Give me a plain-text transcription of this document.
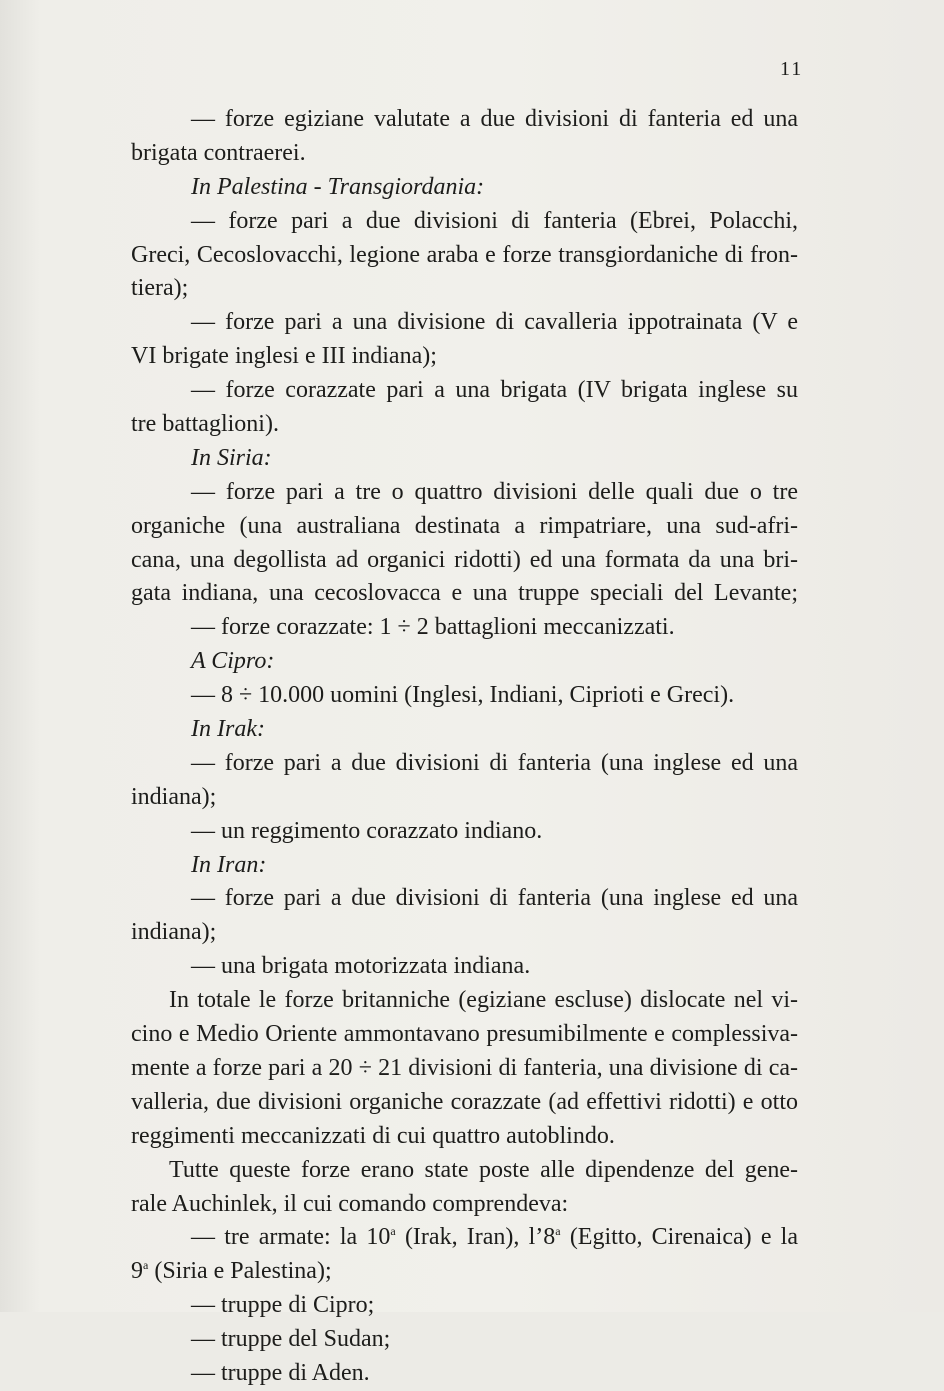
11
— forze egiziane valutate a due divisioni di fanteria ed una
brigata contraerei.
In Palestina - Transgiordania:
— forze pari a due divisioni di fanteria (Ebrei, Polacchi,
Greci, Cecoslovacchi, legione araba e forze transgiordaniche di fron-
tiera);
— forze pari a una divisione di cavalleria ippotrainata (V e
VI brigate inglesi e III indiana);
— forze corazzate pari a una brigata (IV brigata inglese su
tre battaglioni).
In Siria:
— forze pari a tre o quattro divisioni delle quali due o tre
organiche (una australiana destinata a rimpatriare, una sud-afri-
cana, una degollista ad organici ridotti) ed una formata da una bri-
gata indiana, una cecoslovacca e una truppe speciali del Levante;
— forze corazzate: 1 ÷ 2 battaglioni meccanizzati.
A Cipro:
— 8 ÷ 10.000 uomini (Inglesi, Indiani, Ciprioti e Greci).
In Irak:
— forze pari a due divisioni di fanteria (una inglese ed una
indiana);
— un reggimento corazzato indiano.
In Iran:
— forze pari a due divisioni di fanteria (una inglese ed una
indiana);
— una brigata motorizzata indiana.
In totale le forze britanniche (egiziane escluse) dislocate nel vi-
cino e Medio Oriente ammontavano presumibilmente e complessiva-
mente a forze pari a 20 ÷ 21 divisioni di fanteria, una divisione di ca-
valleria, due divisioni organiche corazzate (ad effettivi ridotti) e otto
reggimenti meccanizzati di cui quattro autoblindo.
Tutte queste forze erano state poste alle dipendenze del gene-
rale Auchinlek, il cui comando comprendeva:
— tre armate: la 10$^a$ (Irak, Iran), l’8$^a$ (Egitto, Cirenaica) e la
9$^a$ (Siria e Palestina);
— truppe di Cipro;
— truppe del Sudan;
— truppe di Aden.
